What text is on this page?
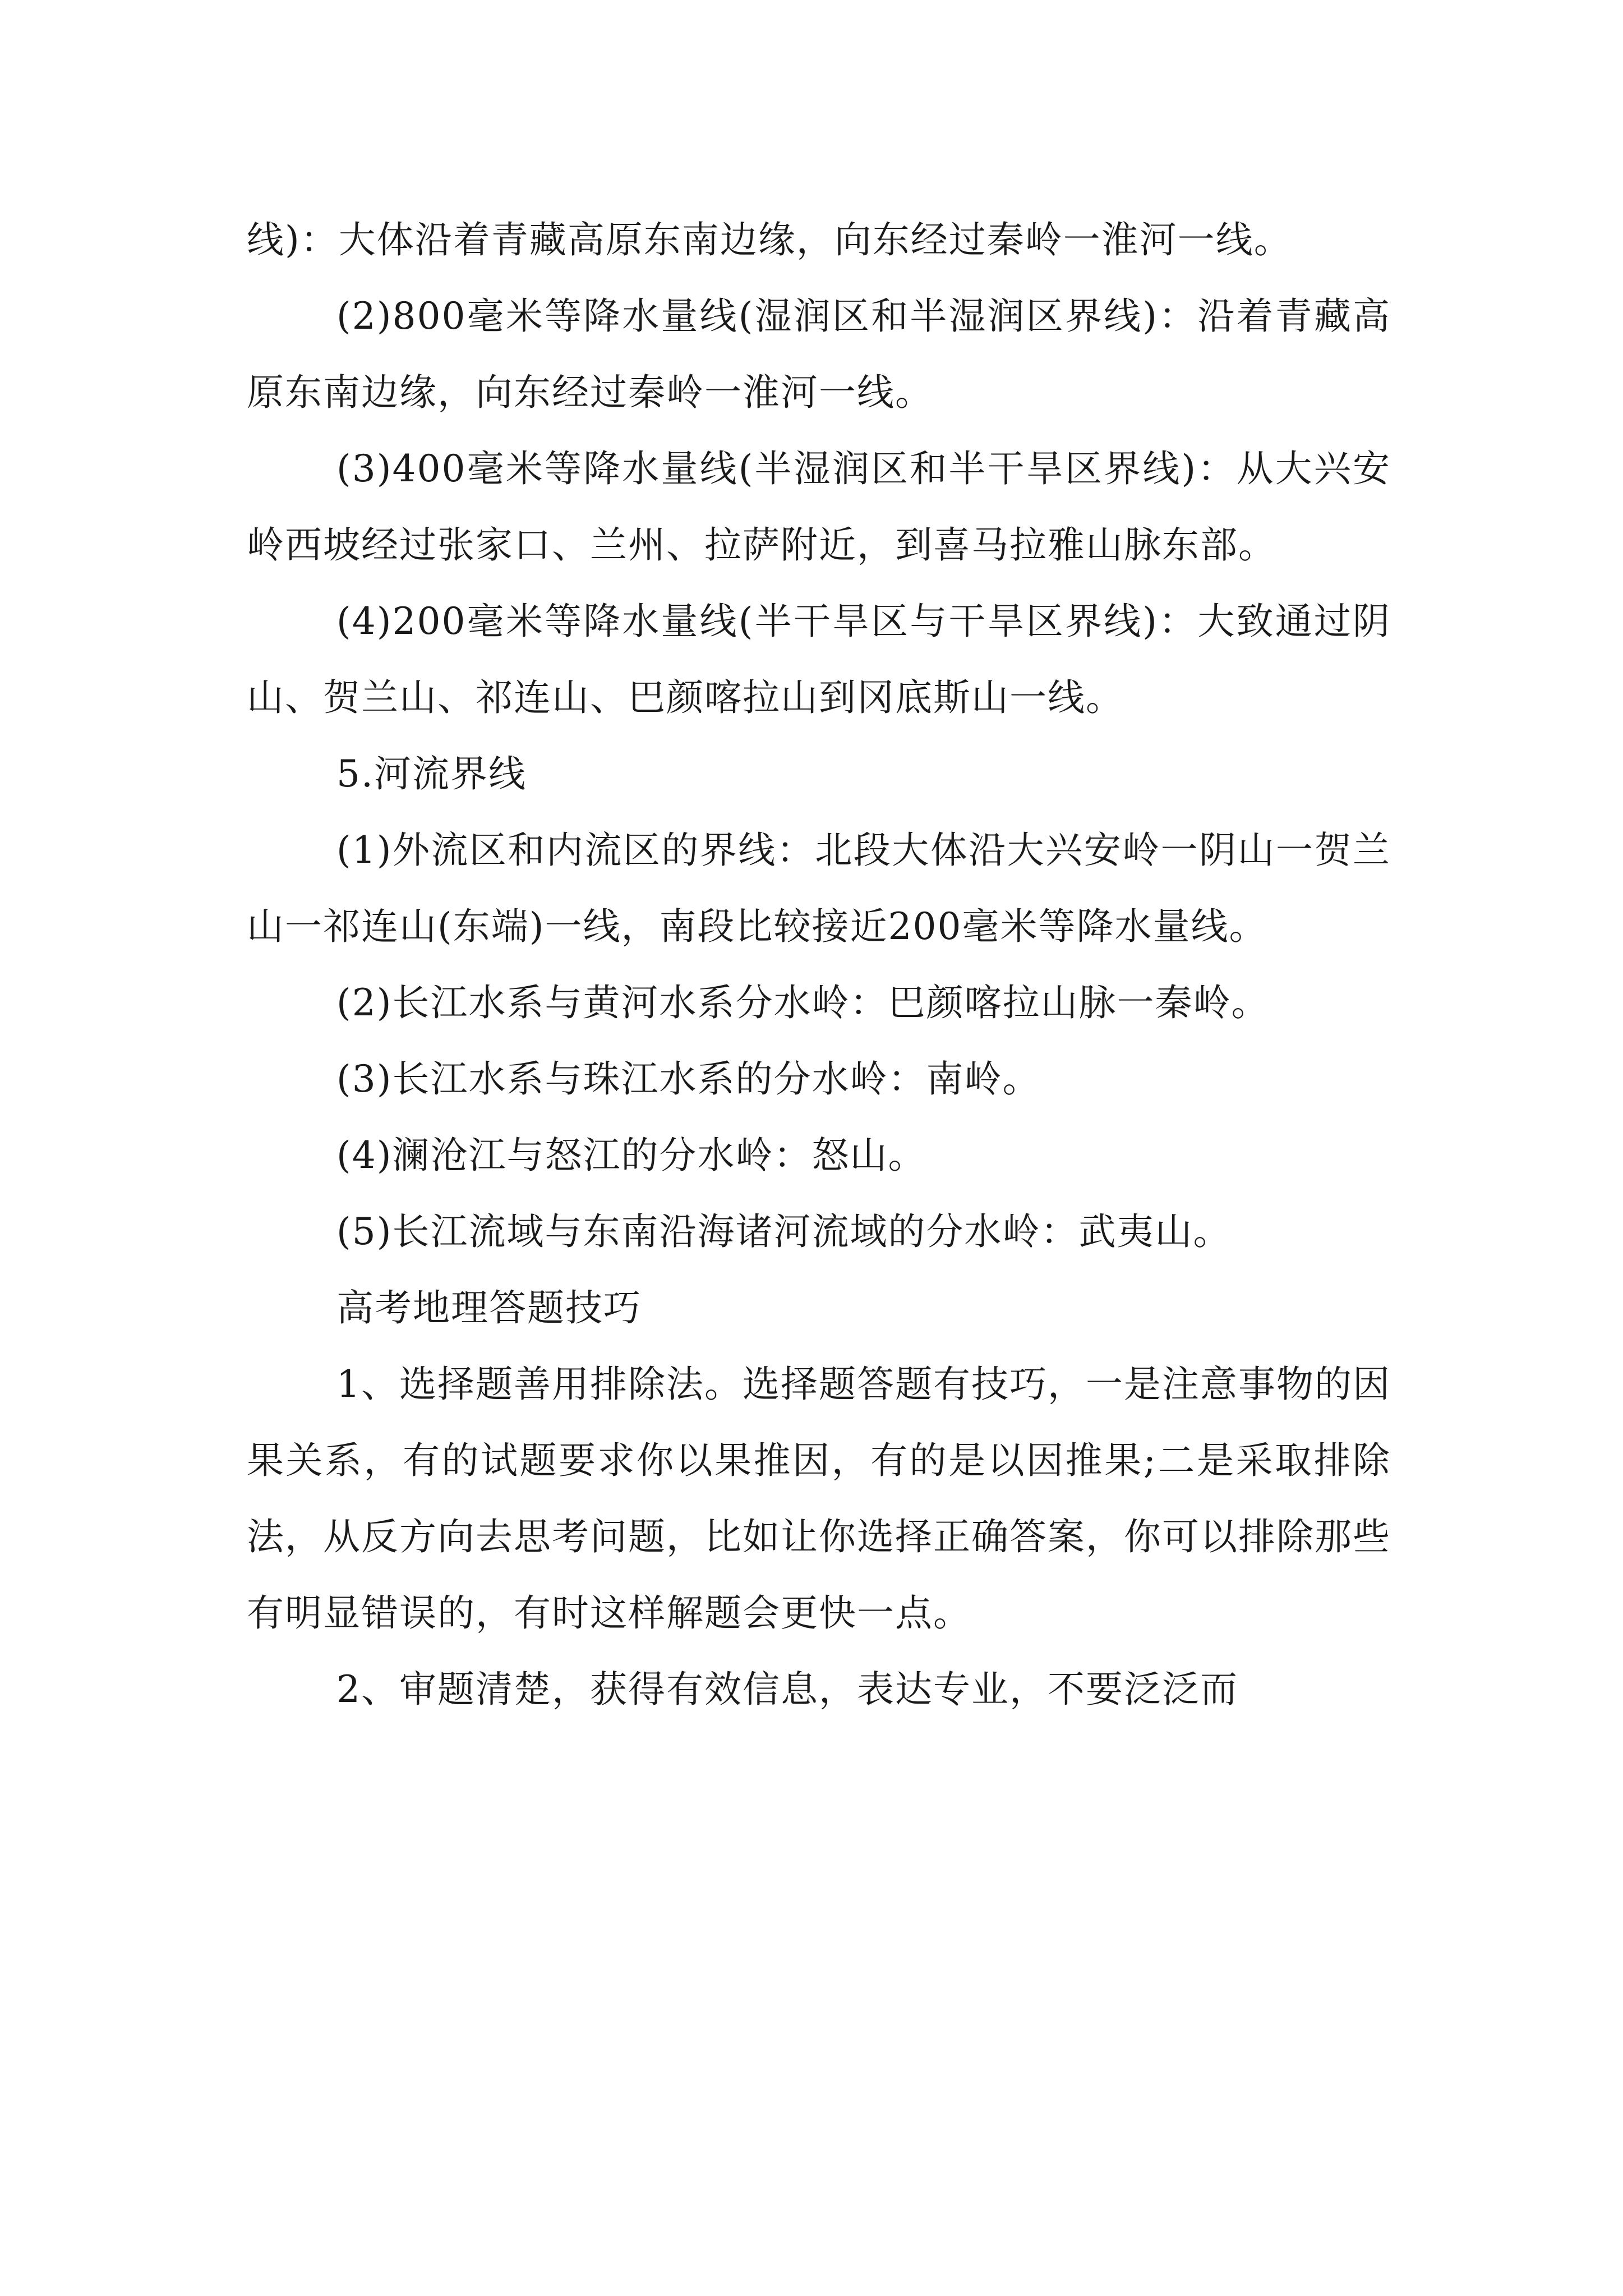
线)：大体沿着青藏高原东南边缘，向东经过秦岭一淮河一线。

(2)800毫米等降水量线(湿润区和半湿润区界线)：沿着青藏高原东南边缘，向东经过秦岭一淮河一线。

(3)400毫米等降水量线(半湿润区和半干旱区界线)：从大兴安岭西坡经过张家口、兰州、拉萨附近，到喜马拉雅山脉东部。

(4)200毫米等降水量线(半干旱区与干旱区界线)：大致通过阴山、贺兰山、祁连山、巴颜喀拉山到冈底斯山一线。

5.河流界线

(1)外流区和内流区的界线：北段大体沿大兴安岭一阴山一贺兰山一祁连山(东端)一线，南段比较接近200毫米等降水量线。

(2)长江水系与黄河水系分水岭：巴颜喀拉山脉一秦岭。

(3)长江水系与珠江水系的分水岭：南岭。

(4)澜沧江与怒江的分水岭：怒山。

(5)长江流域与东南沿海诸河流域的分水岭：武夷山。

高考地理答题技巧

1、选择题善用排除法。选择题答题有技巧，一是注意事物的因果关系，有的试题要求你以果推因，有的是以因推果;二是采取排除法，从反方向去思考问题，比如让你选择正确答案，你可以排除那些有明显错误的，有时这样解题会更快一点。

2、审题清楚，获得有效信息，表达专业，不要泛泛而
